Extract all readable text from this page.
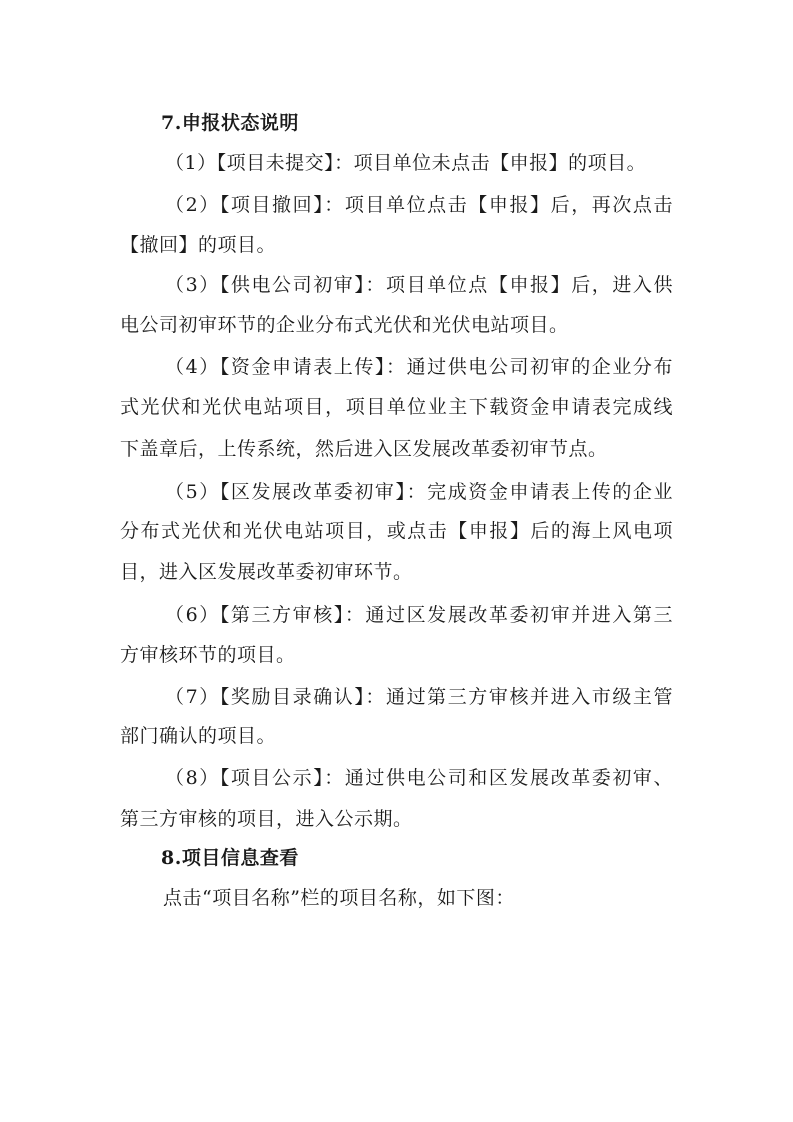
7.申报状态说明
（1）【项目未提交】：项目单位未点击【申报】的项目。
（2）【项目撤回】：项目单位点击【申报】后，再次点击
【撤回】的项目。
（3）【供电公司初审】：项目单位点【申报】后，进入供
电公司初审环节的企业分布式光伏和光伏电站项目。
（4）【资金申请表上传】：通过供电公司初审的企业分布
式光伏和光伏电站项目，项目单位业主下载资金申请表完成线
下盖章后，上传系统，然后进入区发展改革委初审节点。
（5）【区发展改革委初审】：完成资金申请表上传的企业
分布式光伏和光伏电站项目，或点击【申报】后的海上风电项
目，进入区发展改革委初审环节。
（6）【第三方审核】：通过区发展改革委初审并进入第三
方审核环节的项目。
（7）【奖励目录确认】：通过第三方审核并进入市级主管
部门确认的项目。
（8）【项目公示】：通过供电公司和区发展改革委初审、
第三方审核的项目，进入公示期。
8.项目信息查看
点击“项目名称”栏的项目名称，如下图：
